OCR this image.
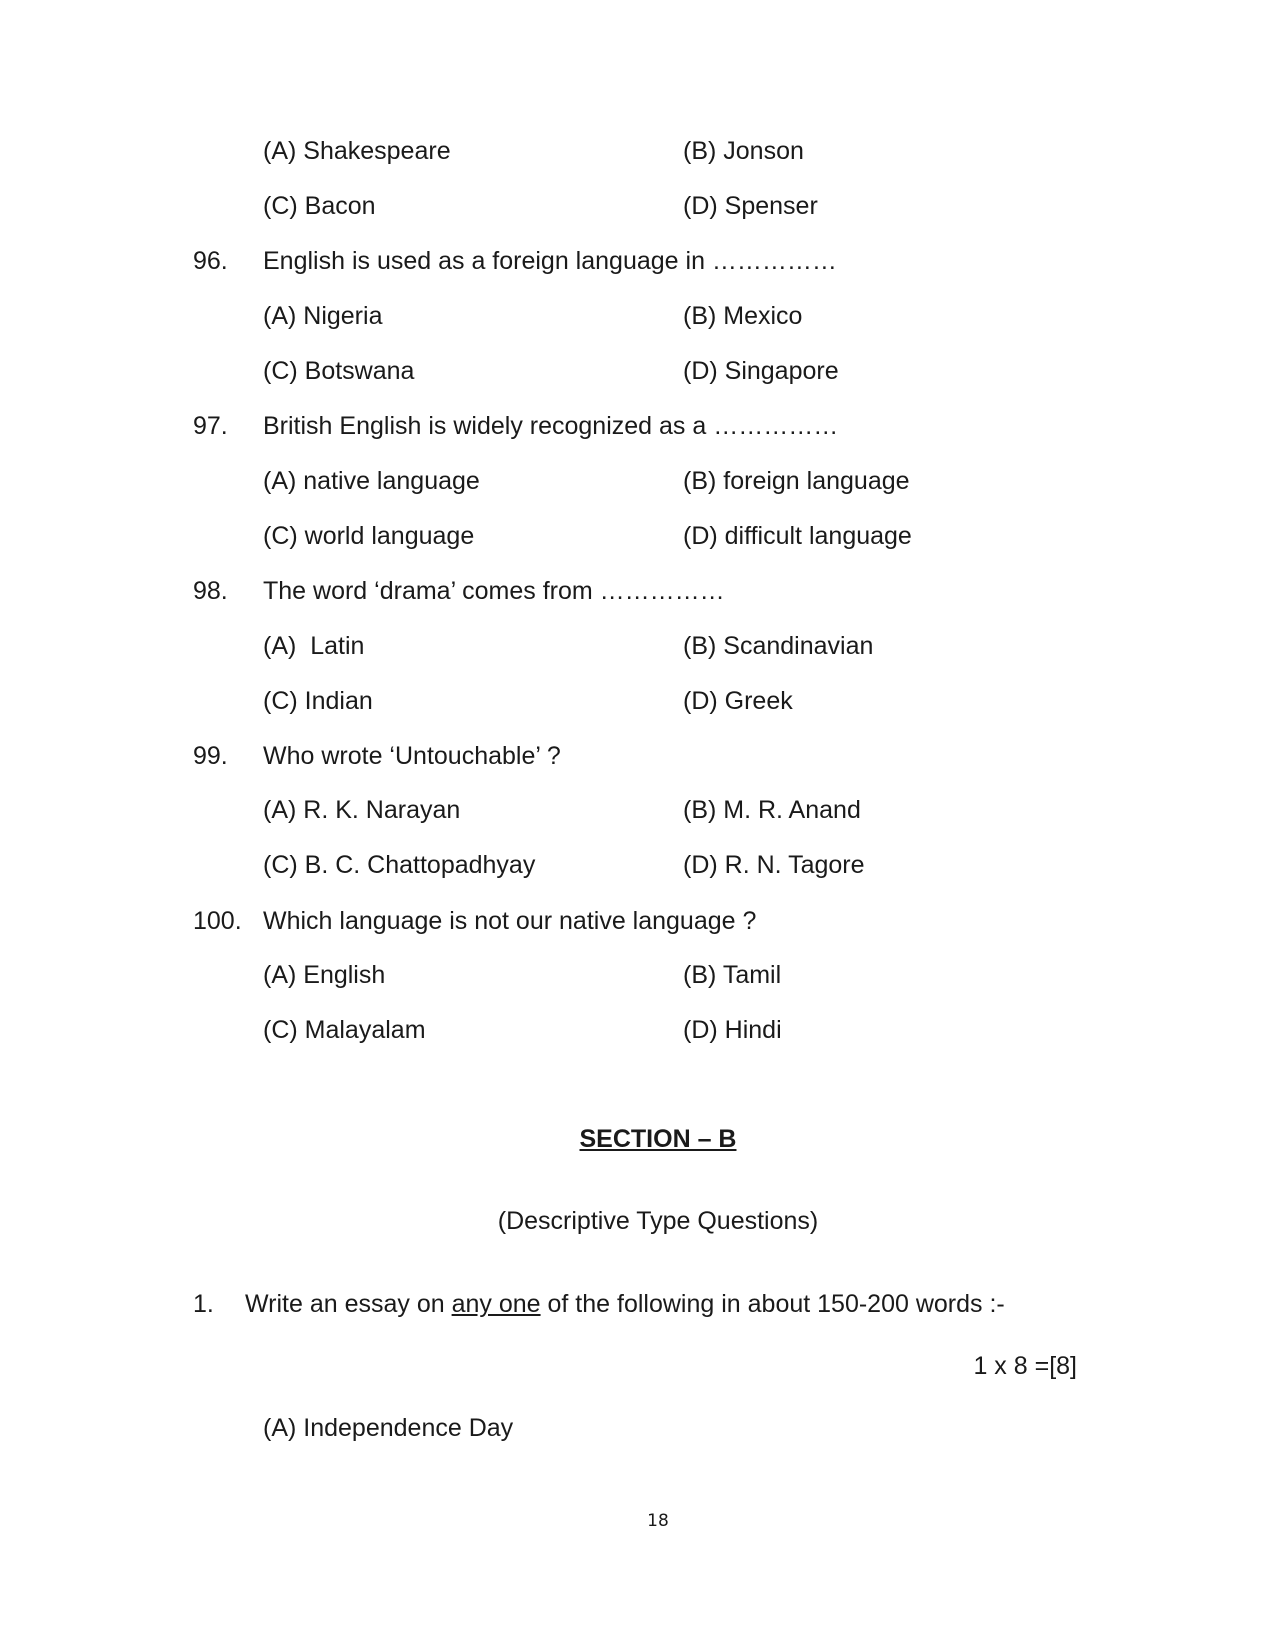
(A) Shakespeare	(B) Jonson
(C) Bacon	(D) Spenser
96. English is used as a foreign language in ……………
(A) Nigeria	(B) Mexico
(C) Botswana	(D) Singapore
97. British English is widely recognized as a ……………
(A) native language	(B) foreign language
(C) world language	(D) difficult language
98. The word ‘drama’ comes from ……………
(A)  Latin	(B) Scandinavian
(C) Indian	(D) Greek
99. Who wrote ‘Untouchable’ ?
(A) R. K. Narayan	(B) M. R. Anand
(C) B. C. Chattopadhyay	(D) R. N. Tagore
100. Which language is not our native language ?
(A) English	(B) Tamil
(C) Malayalam	(D) Hindi
SECTION – B
(Descriptive Type Questions)
1. Write an essay on any one of the following in about 150-200 words :-
1 x 8 =[8]
(A) Independence Day
18
